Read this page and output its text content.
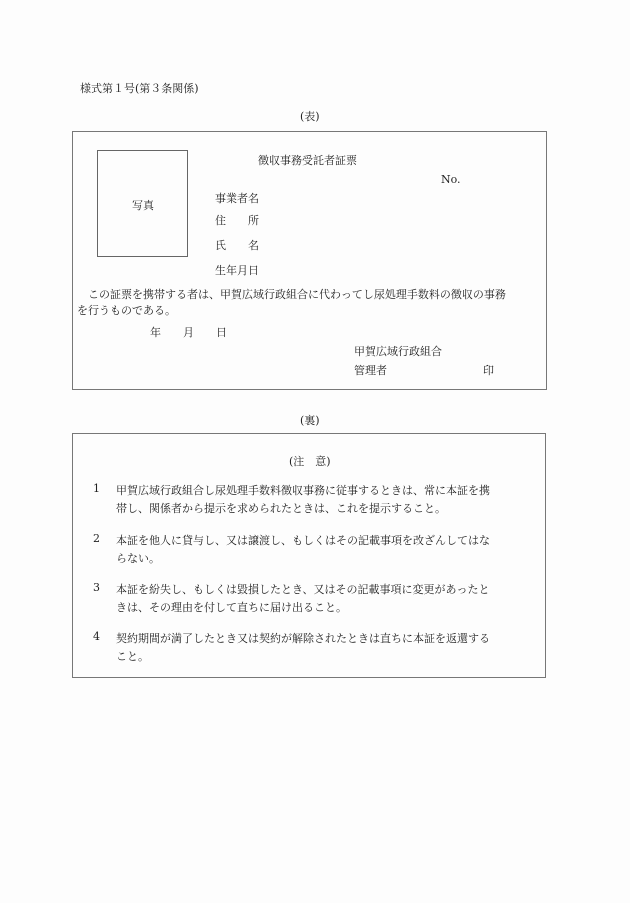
様式第１号(第３条関係)
(表)
写真
徴収事務受託者証票
No.
事業者名
住　　所
氏　　名
生年月日
　この証票を携帯する者は、甲賀広域行政組合に代わってし尿処理手数料の徴収の事務
を行うものである。
年　　月　　日
甲賀広域行政組合
管理者	印
(裏)
(注　意)
1 甲賀広域行政組合し尿処理手数料徴収事務に従事するときは、常に本証を携
帯し、関係者から提示を求められたときは、これを提示すること。
2 本証を他人に貸与し、又は譲渡し、もしくはその記載事項を改ざんしてはな
らない。
3 本証を紛失し、もしくは毀損したとき、又はその記載事項に変更があったと
きは、その理由を付して直ちに届け出ること。
4 契約期間が満了したとき又は契約が解除されたときは直ちに本証を返還する
こと。
